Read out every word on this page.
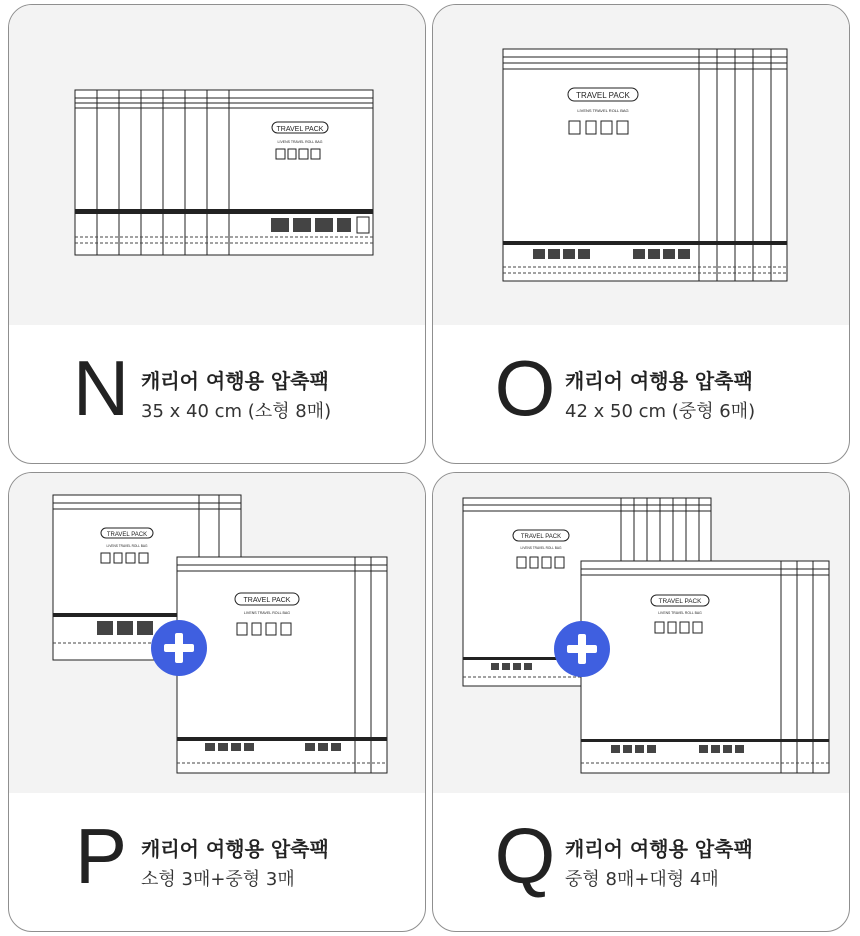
TRAVEL PACK
LIVENS TRAVEL ROLL BAG
N 캐리어 여행용 압축팩
35 x 40 cm (소형 8매)
TRAVEL PACK
LIVENS TRAVEL ROLL BAG
O 캐리어 여행용 압축팩
42 x 50 cm (중형 6매)
TRAVEL PACK
LIVENS TRAVEL ROLL BAG
TRAVEL PACK
LIVENS TRAVEL ROLL BAG
P 캐리어 여행용 압축팩
소형 3매+중형 3매
TRAVEL PACK
LIVENS TRAVEL ROLL BAG
TRAVEL PACK
LIVENS TRAVEL ROLL BAG
Q 캐리어 여행용 압축팩
중형 8매+대형 4매
